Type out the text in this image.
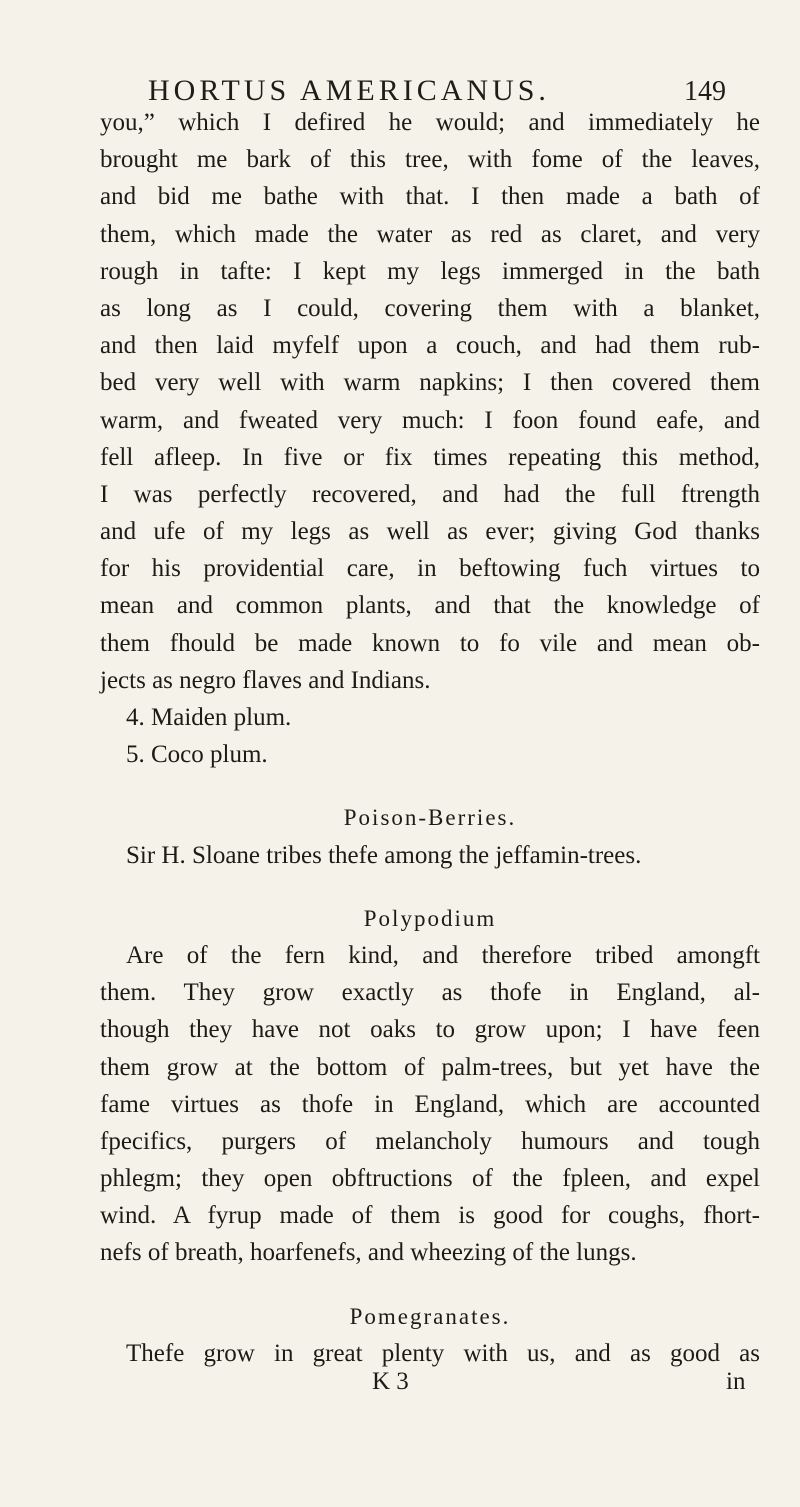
HORTUS AMERICANUS.	149
you,” which I defired he would; and immediately he
brought me bark of this tree, with fome of the leaves,
and bid me bathe with that. I then made a bath of
them, which made the water as red as claret, and very
rough in tafte: I kept my legs immerged in the bath
as long as I could, covering them with a blanket,
and then laid myfelf upon a couch, and had them rub-
bed very well with warm napkins; I then covered them
warm, and fweated very much: I foon found eafe, and
fell afleep. In five or fix times repeating this method,
I was perfectly recovered, and had the full ftrength
and ufe of my legs as well as ever; giving God thanks
for his providential care, in beftowing fuch virtues to
mean and common plants, and that the knowledge of
them fhould be made known to fo vile and mean ob-
jects as negro flaves and Indians.
4. Maiden plum.
5. Coco plum.
Poison-Berries.
Sir H. Sloane tribes thefe among the jeffamin-trees.
Polypodium
Are of the fern kind, and therefore tribed amongft
them. They grow exactly as thofe in England, al-
though they have not oaks to grow upon; I have feen
them grow at the bottom of palm-trees, but yet have the
fame virtues as thofe in England, which are accounted
fpecifics, purgers of melancholy humours and tough
phlegm; they open obftructions of the fpleen, and expel
wind. A fyrup made of them is good for coughs, fhort-
nefs of breath, hoarfenefs, and wheezing of the lungs.
Pomegranates.
Thefe grow in great plenty with us, and as good as
K 3	in
